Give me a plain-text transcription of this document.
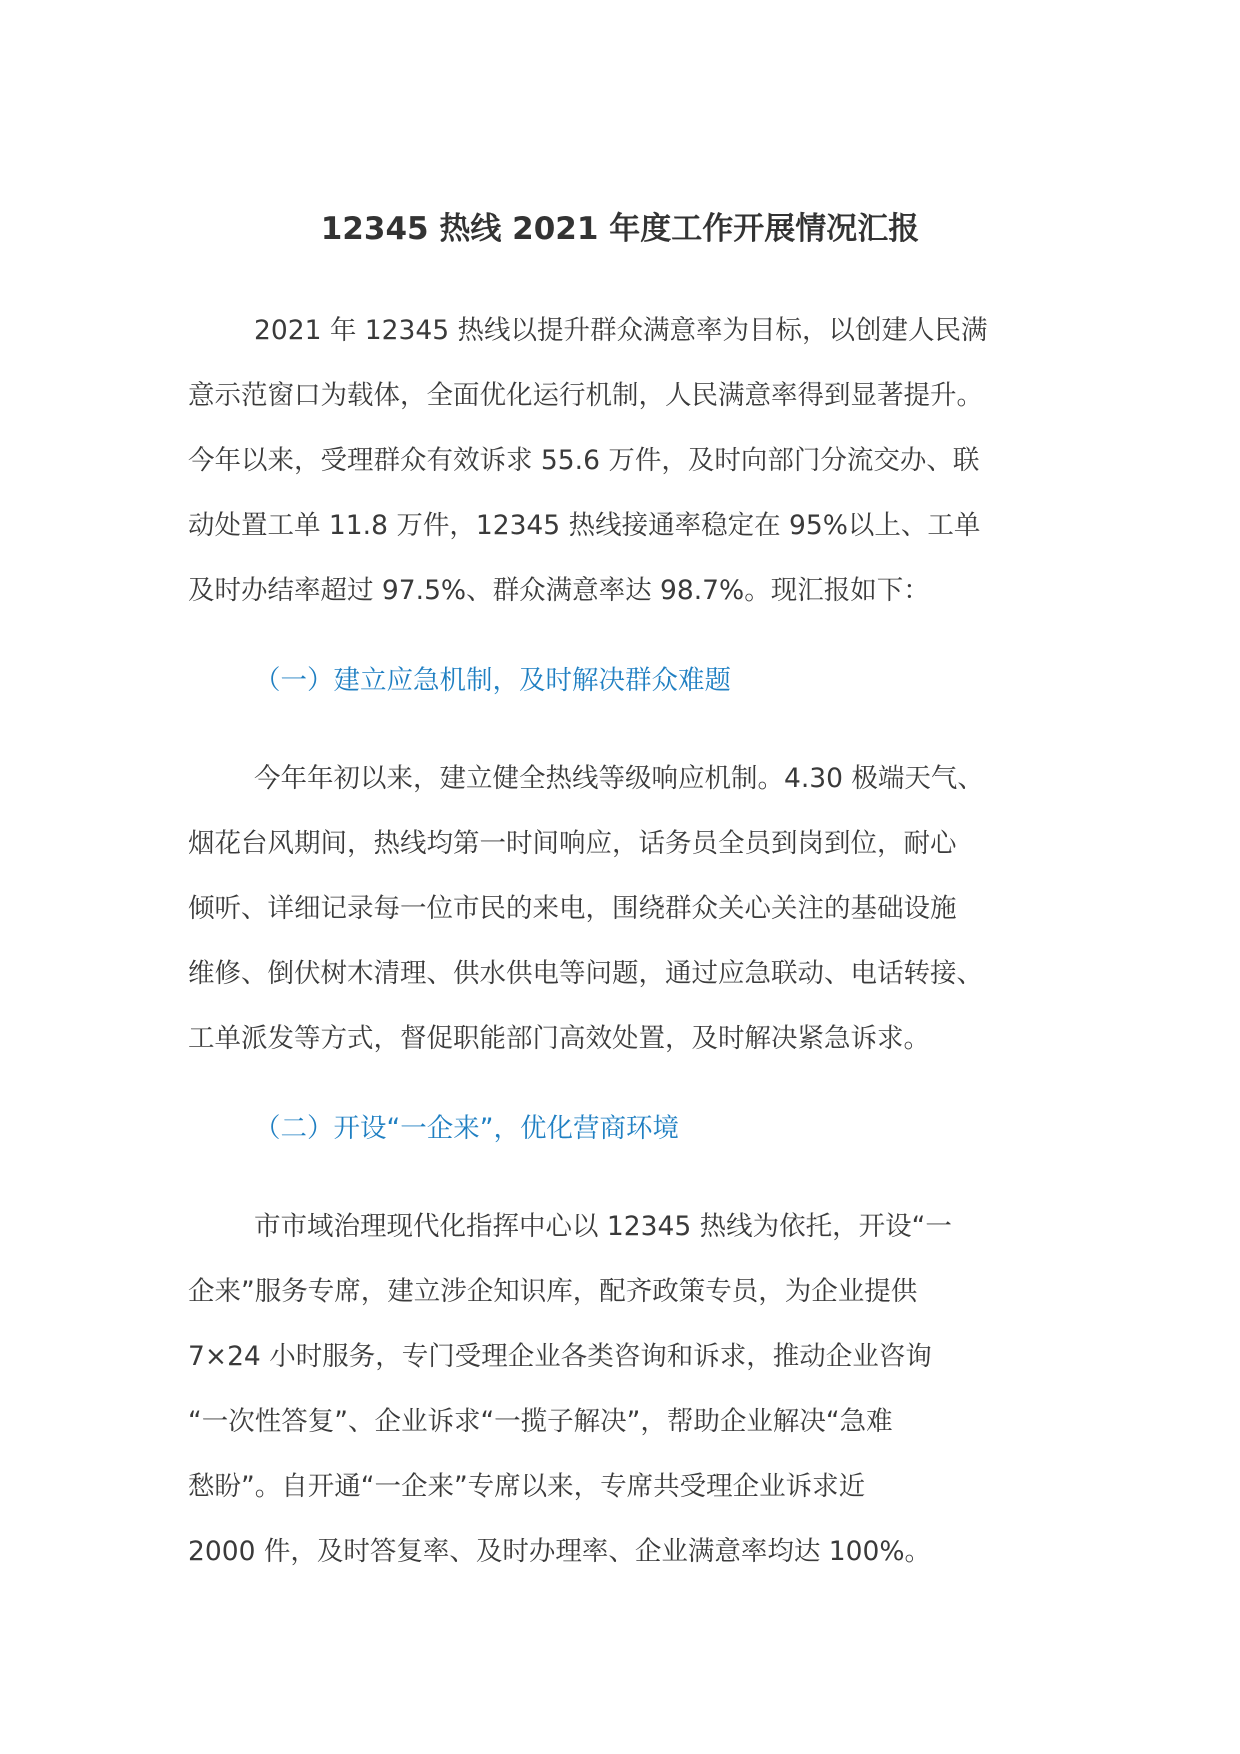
12345 热线 2021 年度工作开展情况汇报
2021 年 12345 热线以提升群众满意率为目标，以创建人民满
意示范窗口为载体，全面优化运行机制，人民满意率得到显著提升。
今年以来，受理群众有效诉求 55.6 万件，及时向部门分流交办、联
动处置工单 11.8 万件，12345 热线接通率稳定在 95%以上、工单
及时办结率超过 97.5%、群众满意率达 98.7%。现汇报如下：
（一）建立应急机制，及时解决群众难题
今年年初以来，建立健全热线等级响应机制。4.30 极端天气、
烟花台风期间，热线均第一时间响应，话务员全员到岗到位，耐心
倾听、详细记录每一位市民的来电，围绕群众关心关注的基础设施
维修、倒伏树木清理、供水供电等问题，通过应急联动、电话转接、
工单派发等方式，督促职能部门高效处置，及时解决紧急诉求。
（二）开设“一企来”，优化营商环境
市市域治理现代化指挥中心以 12345 热线为依托，开设“一
企来”服务专席，建立涉企知识库，配齐政策专员，为企业提供
7×24 小时服务，专门受理企业各类咨询和诉求，推动企业咨询
“一次性答复”、企业诉求“一揽子解决”，帮助企业解决“急难
愁盼”。自开通“一企来”专席以来，专席共受理企业诉求近
2000 件，及时答复率、及时办理率、企业满意率均达 100%。
